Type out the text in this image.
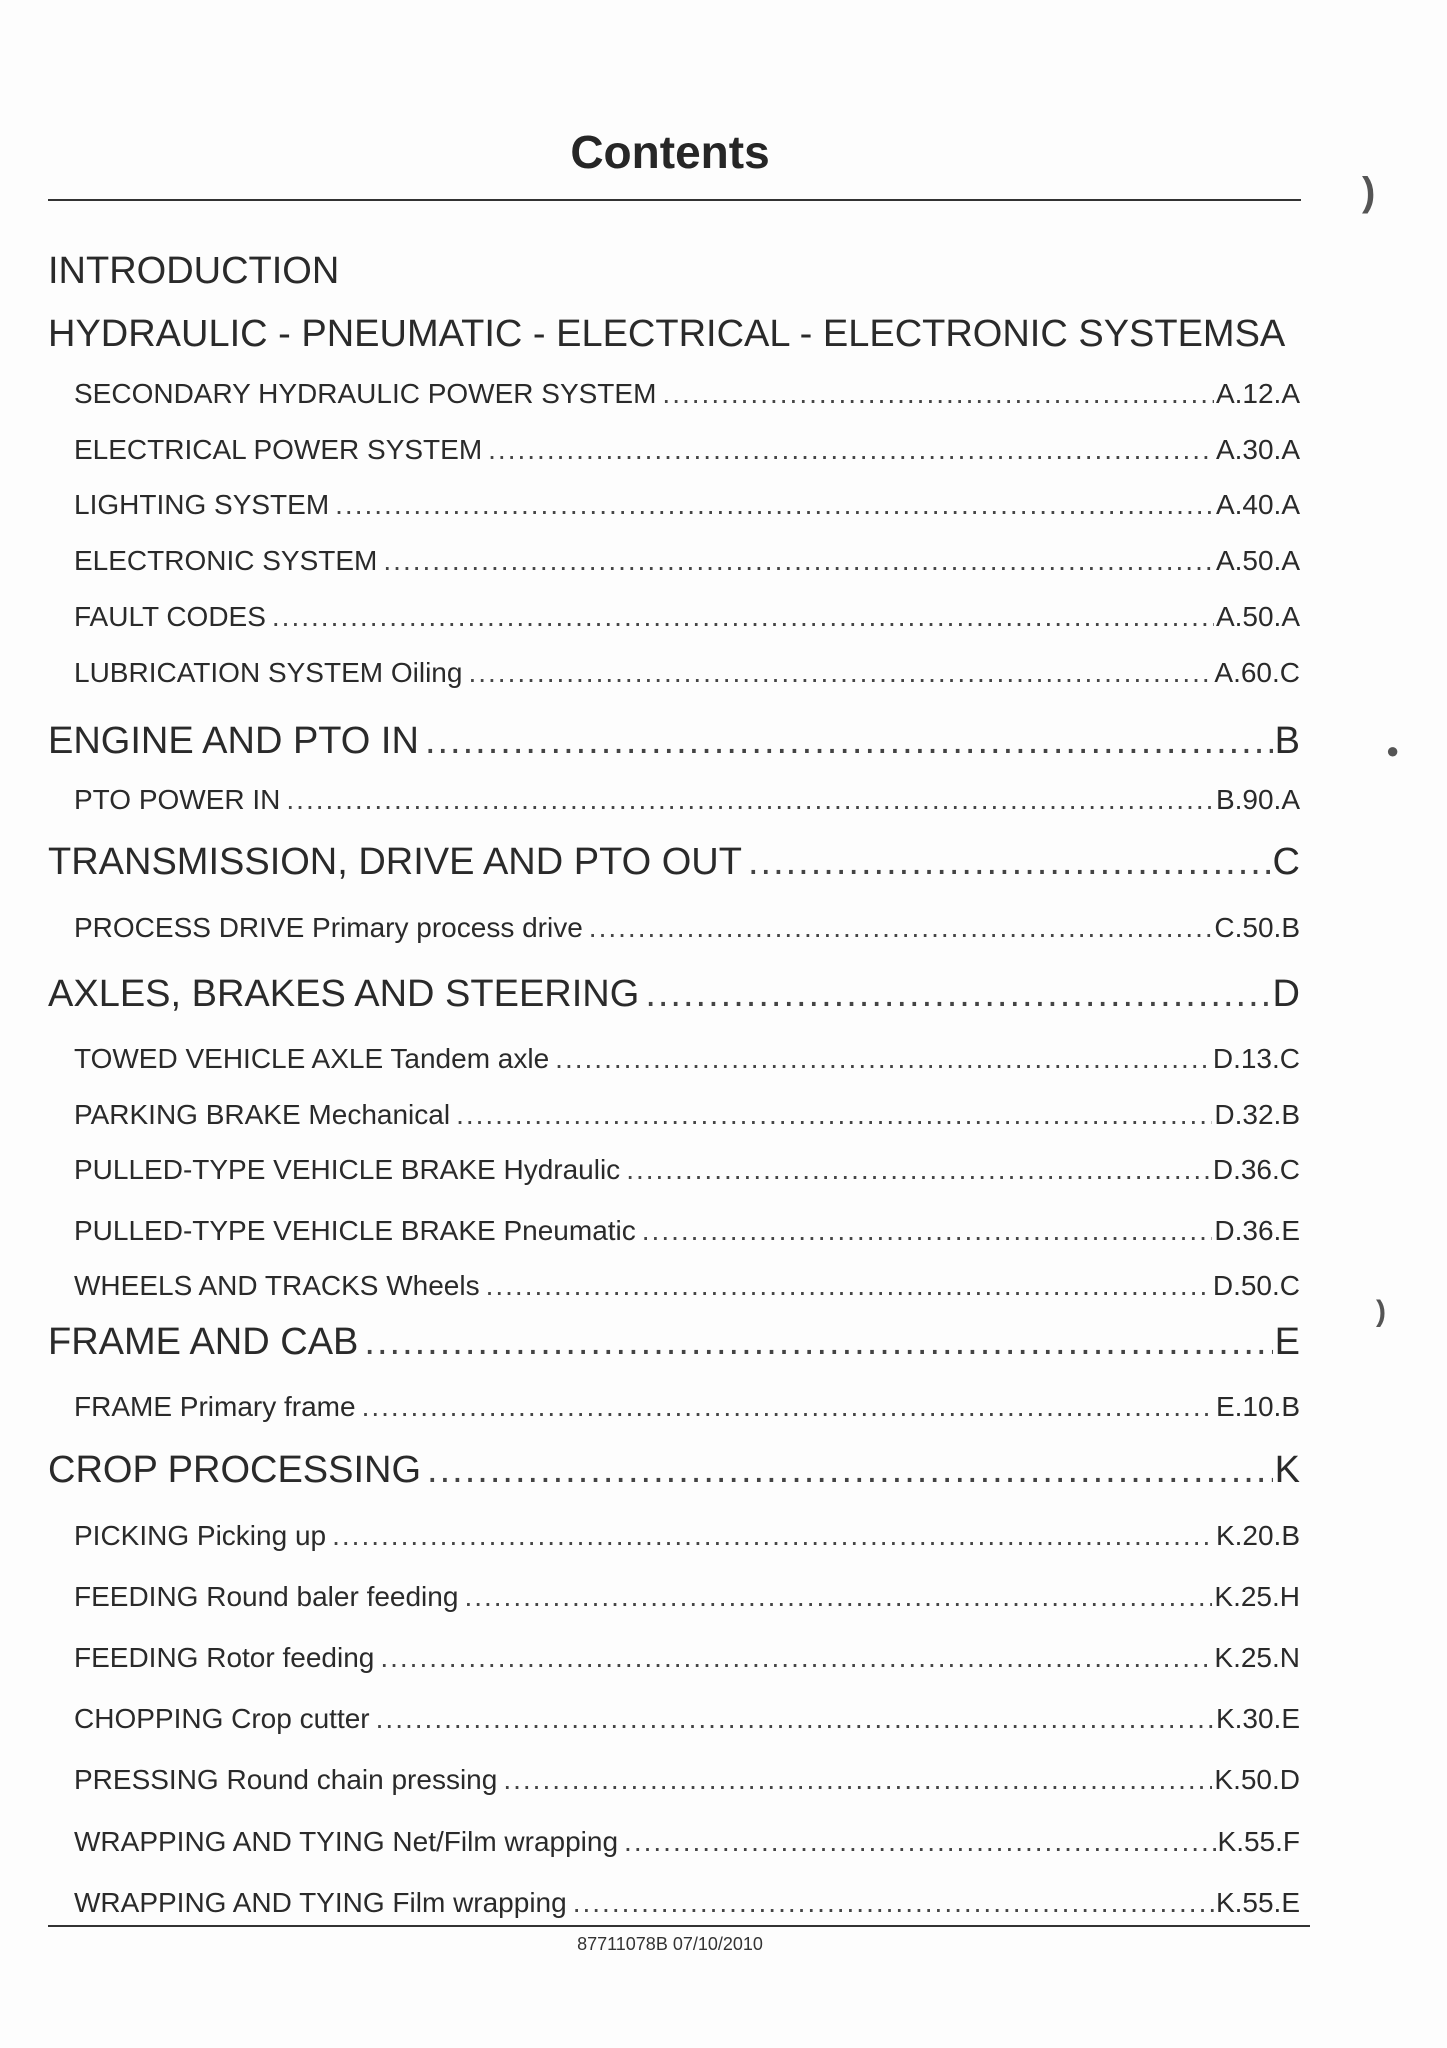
Contents
INTRODUCTION
HYDRAULIC - PNEUMATIC - ELECTRICAL - ELECTRONIC SYSTEMSA
SECONDARY HYDRAULIC POWER SYSTEM .....	A.12.A
ELECTRICAL POWER SYSTEM .....	A.30.A
LIGHTING SYSTEM .....	A.40.A
ELECTRONIC SYSTEM .....	A.50.A
FAULT CODES .....	A.50.A
LUBRICATION SYSTEM Oiling .....	A.60.C
ENGINE AND PTO IN .....	B
PTO POWER IN .....	B.90.A
TRANSMISSION, DRIVE AND PTO OUT .....	C
PROCESS DRIVE Primary process drive .....	C.50.B
AXLES, BRAKES AND STEERING .....	D
TOWED VEHICLE AXLE Tandem axle .....	D.13.C
PARKING BRAKE Mechanical .....	D.32.B
PULLED-TYPE VEHICLE BRAKE Hydraulic .....	D.36.C
PULLED-TYPE VEHICLE BRAKE Pneumatic .....	D.36.E
WHEELS AND TRACKS Wheels .....	D.50.C
FRAME AND CAB .....	E
FRAME Primary frame .....	E.10.B
CROP PROCESSING .....	K
PICKING Picking up .....	K.20.B
FEEDING Round baler feeding .....	K.25.H
FEEDING Rotor feeding .....	K.25.N
CHOPPING Crop cutter .....	K.30.E
PRESSING Round chain pressing .....	K.50.D
WRAPPING AND TYING Net/Film wrapping .....	K.55.F
WRAPPING AND TYING Film wrapping .....	K.55.E
87711078B 07/10/2010
)
●
)
